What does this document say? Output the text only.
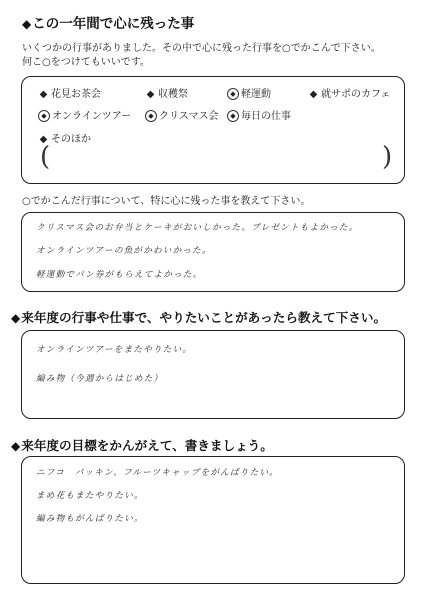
◆この一年間で心に残った事
いくつかの行事がありました。その中で心に残った行事を○でかこんで下さい。
何こ○をつけてもいいです。
◆ 花見お茶会	◆ 収穫祭	◆ 軽運動	◆ 就サポのカフェ
◆ オンラインツアー	◆ クリスマス会	◆ 毎日の仕事
◆ そのほか
(	)
○でかこんだ行事について、特に心に残った事を教えて下さい。
クリスマス会のお弁当とケーキがおいしかった。プレゼントもよかった。
オンラインツアーの魚がかわいかった。
軽運動でパン券がもらえてよかった。
◆来年度の行事や仕事で、やりたいことがあったら教えて下さい。
オンラインツアーをまたやりたい。
編み物（今週からはじめた）
◆来年度の目標をかんがえて、書きましょう。
ニフコ　パッキン、フルーツキャップをがんばりたい。
まめ花もまたやりたい。
編み物もがんばりたい。
